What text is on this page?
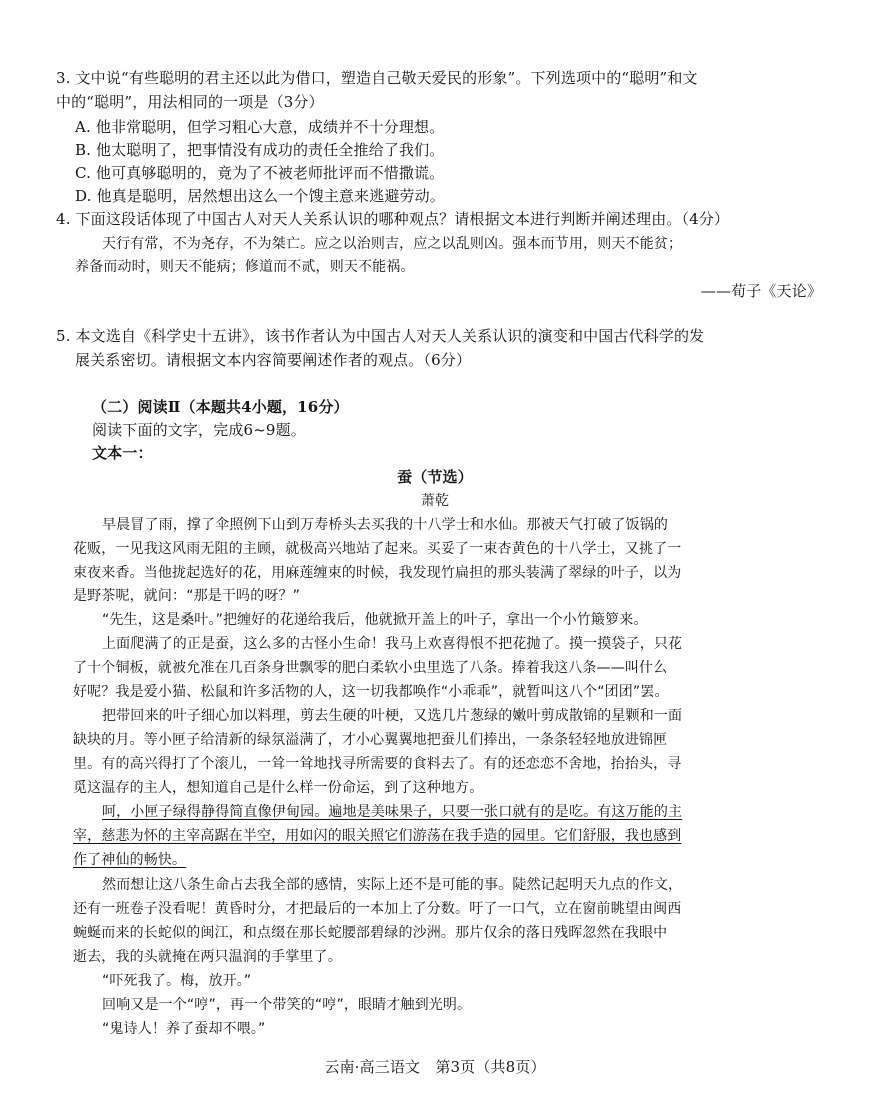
3. 文中说“有些聪明的君主还以此为借口，塑造自己敬天爱民的形象”。下列选项中的“聪明”和文

中的“聪明”，用法相同的一项是（3分）

A. 他非常聪明，但学习粗心大意，成绩并不十分理想。

B. 他太聪明了，把事情没有成功的责任全推给了我们。

C. 他可真够聪明的，竟为了不被老师批评而不惜撒谎。

D. 他真是聪明，居然想出这么一个馊主意来逃避劳动。

4. 下面这段话体现了中国古人对天人关系认识的哪种观点？请根据文本进行判断并阐述理由。（4分）

天行有常，不为尧存，不为桀亡。应之以治则吉，应之以乱则凶。强本而节用，则天不能贫；

养备而动时，则天不能病；修道而不贰，则天不能祸。

——荀子《天论》

5. 本文选自《科学史十五讲》，该书作者认为中国古人对天人关系认识的演变和中国古代科学的发

展关系密切。请根据文本内容简要阐述作者的观点。（6分）

（二）阅读Ⅱ（本题共4小题，16分）

阅读下面的文字，完成6~9题。

文本一：

蚕（节选）

萧乾

早晨冒了雨，撑了伞照例下山到万寿桥头去买我的十八学士和水仙。那被天气打破了饭锅的

花贩，一见我这风雨无阻的主顾，就极高兴地站了起来。买妥了一束杏黄色的十八学士，又挑了一

束夜来香。当他拢起选好的花，用麻莲缠束的时候，我发现竹扁担的那头装满了翠绿的叶子，以为

是野茶呢，就问：“那是干吗的呀？”

“先生，这是桑叶。”把缠好的花递给我后，他就掀开盖上的叶子，拿出一个小竹簸箩来。

上面爬满了的正是蚕，这么多的古怪小生命！我马上欢喜得恨不把花抛了。摸一摸袋子，只花

了十个铜板，就被允准在几百条身世飘零的肥白柔软小虫里选了八条。捧着我这八条——叫什么

好呢？我是爱小猫、松鼠和许多活物的人，这一切我都唤作“小乖乖”，就暂叫这八个“团团”罢。

把带回来的叶子细心加以料理，剪去生硬的叶梗，又选几片葱绿的嫩叶剪成散锦的星颗和一面

缺块的月。等小匣子给清新的绿氛溢满了，才小心翼翼地把蚕儿们捧出，一条条轻轻地放进锦匣

里。有的高兴得打了个滚儿，一耸一耸地找寻所需要的食料去了。有的还恋恋不舍地，抬抬头，寻

觅这温存的主人，想知道自己是什么样一份命运，到了这种地方。

呵，小匣子绿得静得简直像伊甸园。遍地是美味果子，只要一张口就有的是吃。有这万能的主

宰，慈悲为怀的主宰高踞在半空，用如闪的眼关照它们游荡在我手造的园里。它们舒服，我也感到

作了神仙的畅快。

然而想让这八条生命占去我全部的感情，实际上还不是可能的事。陡然记起明天九点的作文，

还有一班卷子没看呢！黄昏时分，才把最后的一本加上了分数。吁了一口气，立在窗前眺望由闽西

蜿蜒而来的长蛇似的闽江，和点缀在那长蛇腰部碧绿的沙洲。那片仅余的落日残晖忽然在我眼中

逝去，我的头就掩在两只温润的手掌里了。

“吓死我了。梅，放开。”

回响又是一个“哼”，再一个带笑的“哼”，眼睛才触到光明。

“鬼诗人！养了蚕却不喂。”

云南·高三语文　第3页（共8页）
